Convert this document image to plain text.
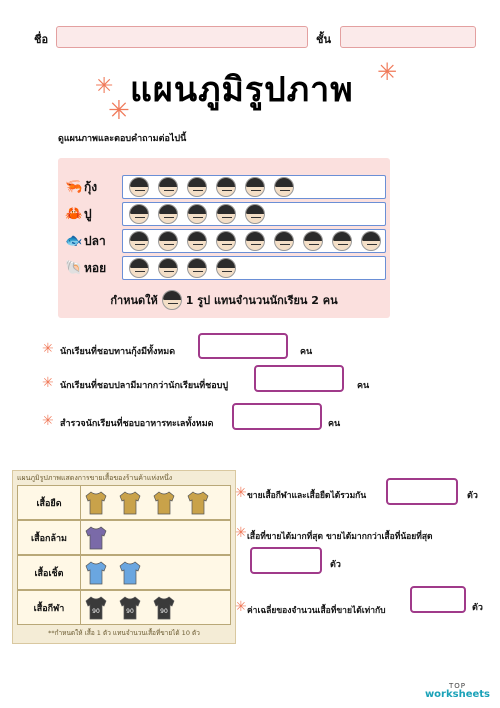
ชื่อ	ชั้น
✳
✳
✳
แผนภูมิรูปภาพ
ดูแผนภาพและตอบคำถามต่อไปนี้
🦐 กุ้ง
🦀 ปู
🐟 ปลา
🐚 หอย
กำหนดให้	1 รูป แทนจำนวนนักเรียน 2 คน
✳ นักเรียนที่ชอบทานกุ้งมีทั้งหมด	คน
✳ นักเรียนที่ชอบปลามีมากกว่านักเรียนที่ชอบปู	คน
✳ สำรวจนักเรียนที่ชอบอาหารทะเลทั้งหมด	คน
แผนภูมิรูปภาพแสดงการขายเสื้อของร้านค้าแห่งหนึ่ง
เสื้อยืด
เสื้อกล้าม
เสื้อเชิ้ต
เสื้อกีฬา	90	90	90
**กำหนดให้ เสื้อ 1 ตัว แทนจำนวนเสื้อที่ขายได้ 10 ตัว
✳ ขายเสื้อกีฬาและเสื้อยืดได้รวมกัน	ตัว
✳ เสื้อที่ขายได้มากที่สุด ขายได้มากกว่าเสื้อที่น้อยที่สุด
ตัว
✳ ค่าเฉลี่ยของจำนวนเสื้อที่ขายได้เท่ากับ	ตัว
TOP
worksheets
